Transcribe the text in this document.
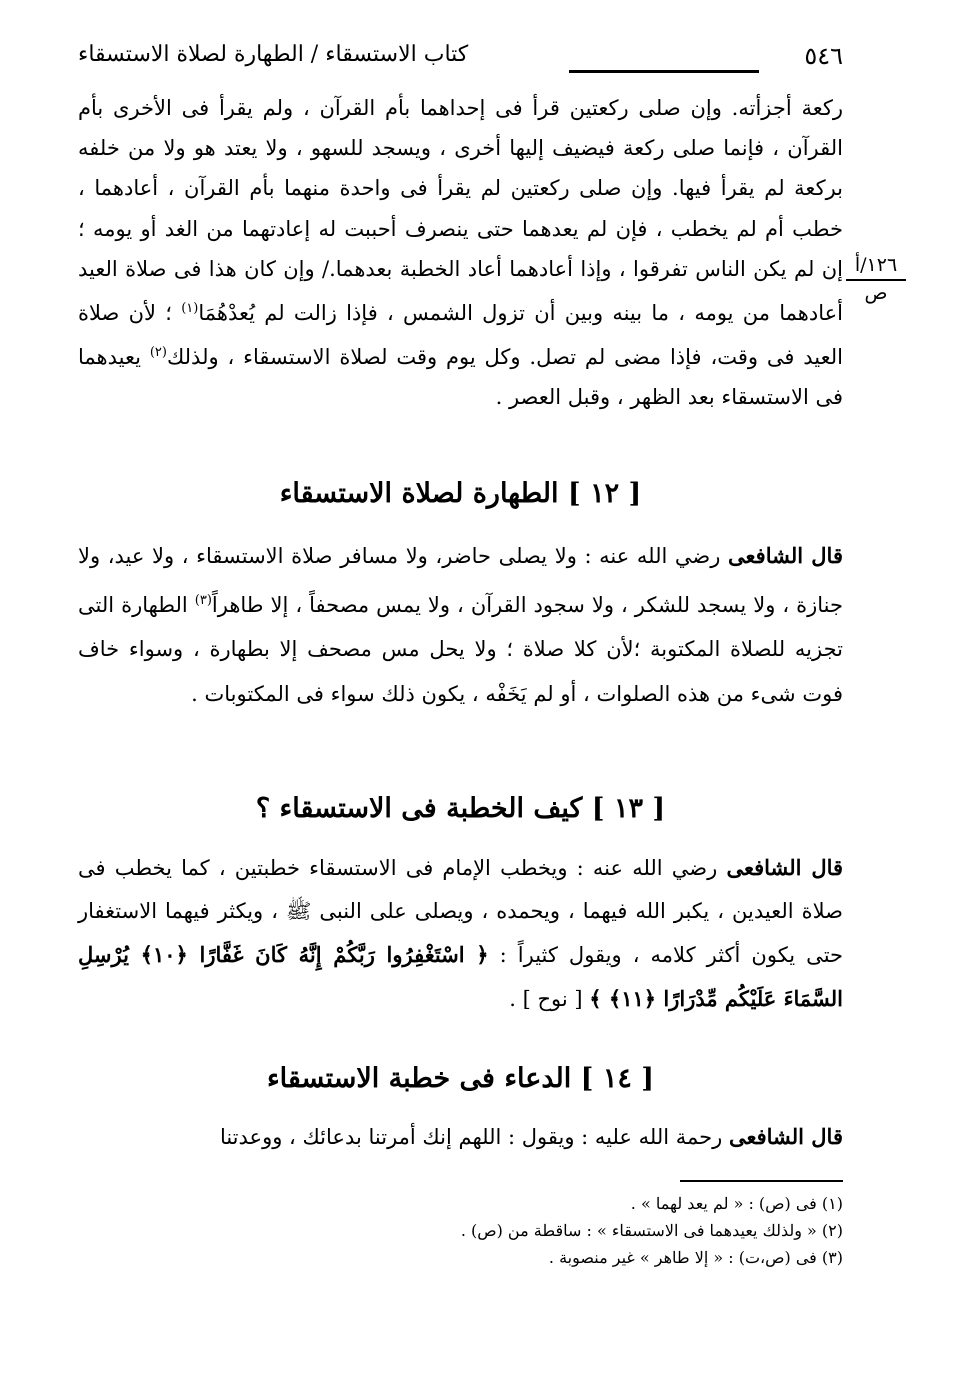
٥٤٦
كتاب الاستسقاء / الطهارة لصلاة الاستسقاء
١٢٦/أ
ص

ركعة أجزأته. وإن صلى ركعتين قرأ فى إحداهما بأم القرآن ، ولم يقرأ فى الأخرى بأم القرآن ، فإنما صلى ركعة فيضيف إليها أخرى ، ويسجد للسهو ، ولا يعتد هو ولا من خلفه بركعة لم يقرأ فيها. وإن صلى ركعتين لم يقرأ فى واحدة منهما بأم القرآن ، أعادهما ، خطب أم لم يخطب ، فإن لم يعدهما حتى ينصرف أحببت له إعادتهما من الغد أو يومه ؛ إن لم يكن الناس تفرقوا ، وإذا أعادهما أعاد الخطبة بعدهما./ وإن كان هذا فى صلاة العيد أعادهما من يومه ، ما بينه وبين أن تزول الشمس ، فإذا زالت لم يُعدْهُمَا$^{(١)}$ ؛ لأن صلاة العيد فى وقت، فإذا مضى لم تصل. وكل يوم وقت لصلاة الاستسقاء ، ولذلك$^{(٢)}$ يعيدهما فى الاستسقاء بعد الظهر ، وقبل العصر .

[ ١٢ ] الطهارة لصلاة الاستسقاء

قال الشافعى رضي الله عنه : ولا يصلى حاضر، ولا مسافر صلاة الاستسقاء ، ولا عيد، ولا جنازة ، ولا يسجد للشكر ، ولا سجود القرآن ، ولا يمس مصحفاً ، إلا طاهراً$^{(٣)}$ الطهارة التى تجزيه للصلاة المكتوبة ؛لأن كلا صلاة ؛ ولا يحل مس مصحف إلا بطهارة ، وسواء خاف فوت شىء من هذه الصلوات ، أو لم يَخَفْه ، يكون ذلك سواء فى المكتوبات .

[ ١٣ ] كيف الخطبة فى الاستسقاء ؟

قال الشافعى رضي الله عنه : ويخطب الإمام فى الاستسقاء خطبتين ، كما يخطب فى صلاة العيدين ، يكبر الله فيهما ، ويحمده ، ويصلى على النبى ﷺ ، ويكثر فيهما الاستغفار حتى يكون أكثر كلامه ، ويقول كثيراً : ﴿ اسْتَغْفِرُوا رَبَّكُمْ إِنَّهُ كَانَ غَفَّارًا ﴿١٠﴾ يُرْسِلِ السَّمَاءَ عَلَيْكُم مِّدْرَارًا ﴿١١﴾ ﴾ [ نوح ] .

[ ١٤ ] الدعاء فى خطبة الاستسقاء

قال الشافعى رحمة الله عليه : ويقول : اللهم إنك أمرتنا بدعائك ، ووعدتنا

(١) فى (ص) : « لم يعد لهما » .
(٢) « ولذلك يعيدهما فى الاستسقاء » : ساقطة من (ص) .
(٣) فى (ص،ت) : « إلا طاهر » غير منصوبة .
